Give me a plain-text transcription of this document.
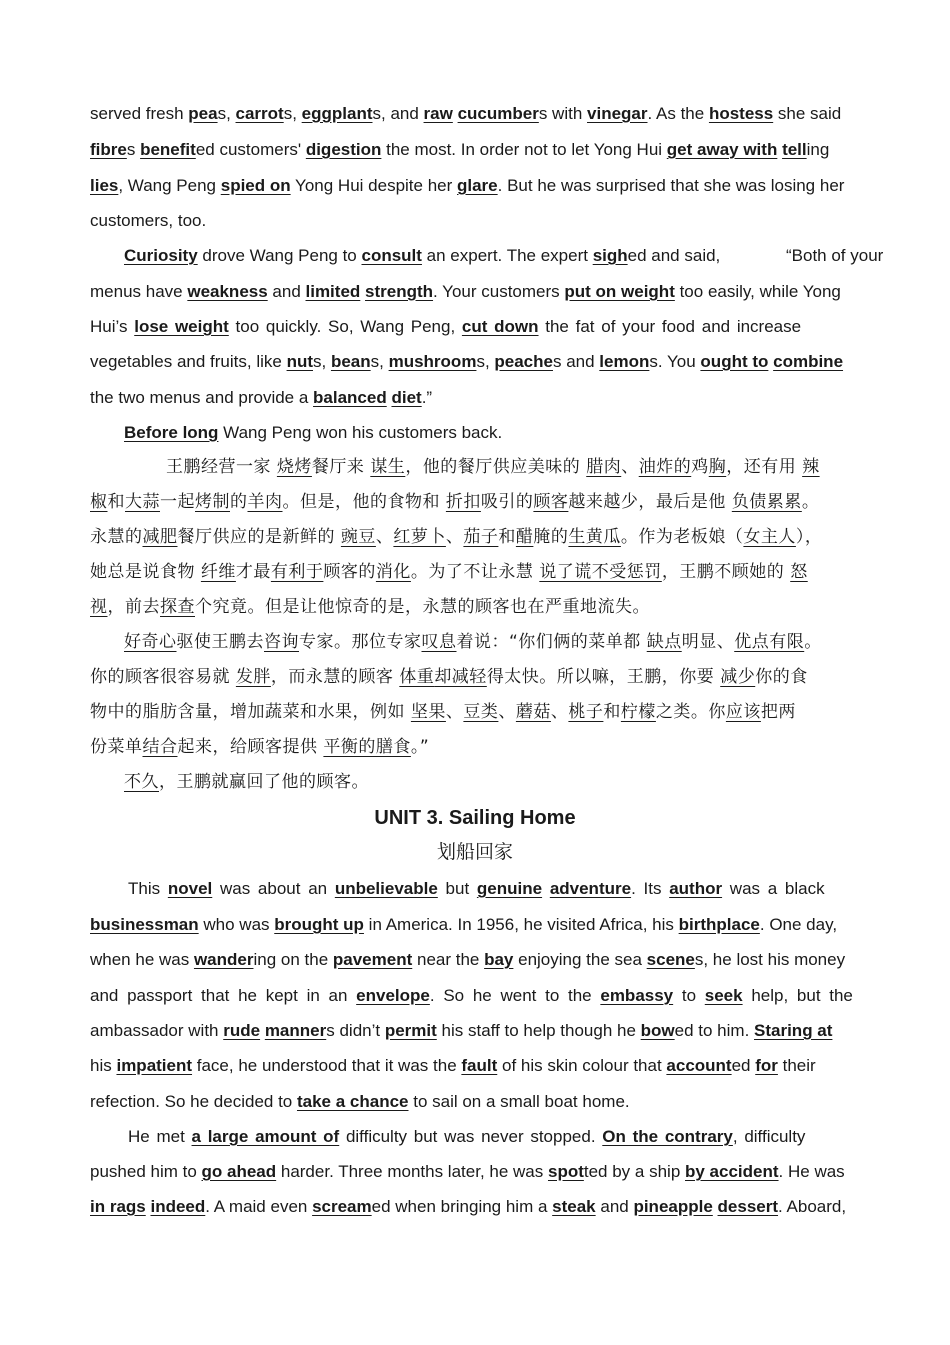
served fresh peas, carrots, eggplants, and raw cucumbers with vinegar. As the hostess she said
fibres benefited customers' digestion the most. In order not to let Yong Hui get away with telling
lies, Wang Peng spied on Yong Hui despite her glare. But he was surprised that she was losing her
customers, too.
Curiosity drove Wang Peng to consult an expert. The expert sighed and said,	“Both of your
menus have weakness and limited strength. Your customers put on weight too easily, while Yong
Hui’s lose weight too quickly. So, Wang Peng, cut down the fat of your food and increase
vegetables and fruits, like nuts, beans, mushrooms, peaches and lemons. You ought to combine
the two menus and provide a balanced diet.”
Before long Wang Peng won his customers back.
王鹏经营一家 烧烤餐厅来 谋生，他的餐厅供应美味的 腊肉、油炸的鸡胸，还有用 辣
椒和大蒜一起烤制的羊肉。但是，他的食物和 折扣吸引的顾客越来越少，最后是他 负债累累。
永慧的减肥餐厅供应的是新鲜的 豌豆、红萝卜、茄子和醋腌的生黄瓜。作为老板娘（女主人），
她总是说食物 纤维才最有利于顾客的消化。为了不让永慧 说了谎不受惩罚，王鹏不顾她的 怒
视，前去探查个究竟。但是让他惊奇的是，永慧的顾客也在严重地流失。
好奇心驱使王鹏去咨询专家。那位专家叹息着说：“你们俩的菜单都 缺点明显、优点有限。
你的顾客很容易就 发胖，而永慧的顾客 体重却减轻得太快。所以嘛，王鹏，你要 减少你的食
物中的脂肪含量，增加蔬菜和水果，例如 坚果、豆类、蘑菇、桃子和柠檬之类。你应该把两
份菜单结合起来，给顾客提供 平衡的膳食。”
不久，王鹏就赢回了他的顾客。
UNIT 3. Sailing Home
划船回家
This novel was about an unbelievable but genuine adventure. Its author was a black
businessman who was brought up in America. In 1956, he visited Africa, his birthplace. One day,
when he was wandering on the pavement near the bay enjoying the sea scenes, he lost his money
and passport that he kept in an envelope. So he went to the embassy to seek help, but the
ambassador with rude manners didn’t permit his staff to help though he bowed to him. Staring at
his impatient face, he understood that it was the fault of his skin colour that accounted for their
refection. So he decided to take a chance to sail on a small boat home.
He met a large amount of difficulty but was never stopped. On the contrary, difficulty
pushed him to go ahead harder. Three months later, he was spotted by a ship by accident. He was
in rags indeed. A maid even screamed when bringing him a steak and pineapple dessert. Aboard,
